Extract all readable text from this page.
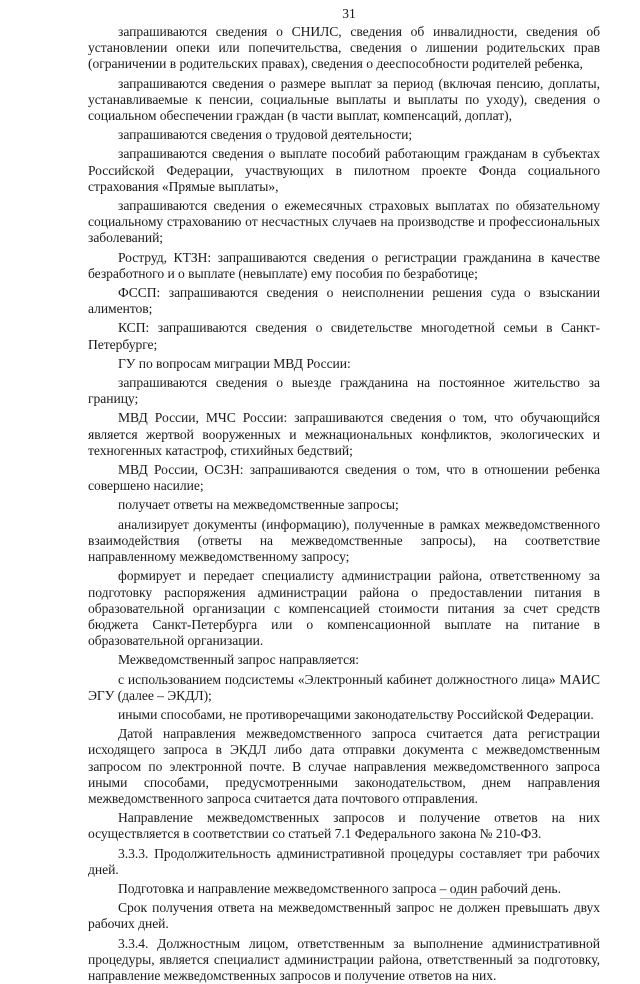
31

запрашиваются сведения о СНИЛС, сведения об инвалидности, сведения об установлении опеки или попечительства, сведения о лишении родительских прав (ограничении в родительских правах), сведения о дееспособности родителей ребенка,

запрашиваются сведения о размере выплат за период (включая пенсию, доплаты, устанавливаемые к пенсии, социальные выплаты и выплаты по уходу), сведения о социальном обеспечении граждан (в части выплат, компенсаций, доплат),

запрашиваются сведения о трудовой деятельности;

запрашиваются сведения о выплате пособий работающим гражданам в субъектах Российской Федерации, участвующих в пилотном проекте Фонда социального страхования «Прямые выплаты»,

запрашиваются сведения о ежемесячных страховых выплатах по обязательному социальному страхованию от несчастных случаев на производстве и профессиональных заболеваний;

Роструд, КТЗН: запрашиваются сведения о регистрации гражданина в качестве безработного и о выплате (невыплате) ему пособия по безработице;

ФССП: запрашиваются сведения о неисполнении решения суда о взыскании алиментов;

КСП: запрашиваются сведения о свидетельстве многодетной семьи в Санкт-Петербурге;

ГУ по вопросам миграции МВД России:

запрашиваются сведения о выезде гражданина на постоянное жительство за границу;

МВД России, МЧС России: запрашиваются сведения о том, что обучающийся является жертвой вооруженных и межнациональных конфликтов, экологических и техногенных катастроф, стихийных бедствий;

МВД России, ОСЗН: запрашиваются сведения о том, что в отношении ребенка совершено насилие;

получает ответы на межведомственные запросы;

анализирует документы (информацию), полученные в рамках межведомственного взаимодействия (ответы на межведомственные запросы), на соответствие направленному межведомственному запросу;

формирует и передает специалисту администрации района, ответственному за подготовку распоряжения администрации района о предоставлении питания в образовательной организации с компенсацией стоимости питания за счет средств бюджета Санкт-Петербурга или о компенсационной выплате на питание в образовательной организации.

Межведомственный запрос направляется:

с использованием подсистемы «Электронный кабинет должностного лица» МАИС ЭГУ (далее – ЭКДЛ);

иными способами, не противоречащими законодательству Российской Федерации.

Датой направления межведомственного запроса считается дата регистрации исходящего запроса в ЭКДЛ либо дата отправки документа с межведомственным запросом по электронной почте. В случае направления межведомственного запроса иными способами, предусмотренными законодательством, днем направления межведомственного запроса считается дата почтового отправления.

Направление межведомственных запросов и получение ответов на них осуществляется в соответствии со статьей 7.1 Федерального закона № 210-ФЗ.

3.3.3. Продолжительность административной процедуры составляет три рабочих дней.

Подготовка и направление межведомственного запроса – один рабочий день.

Срок получения ответа на межведомственный запрос не должен превышать двух рабочих дней.

3.3.4. Должностным лицом, ответственным за выполнение административной процедуры, является специалист администрации района, ответственный за подготовку, направление межведомственных запросов и получение ответов на них.
